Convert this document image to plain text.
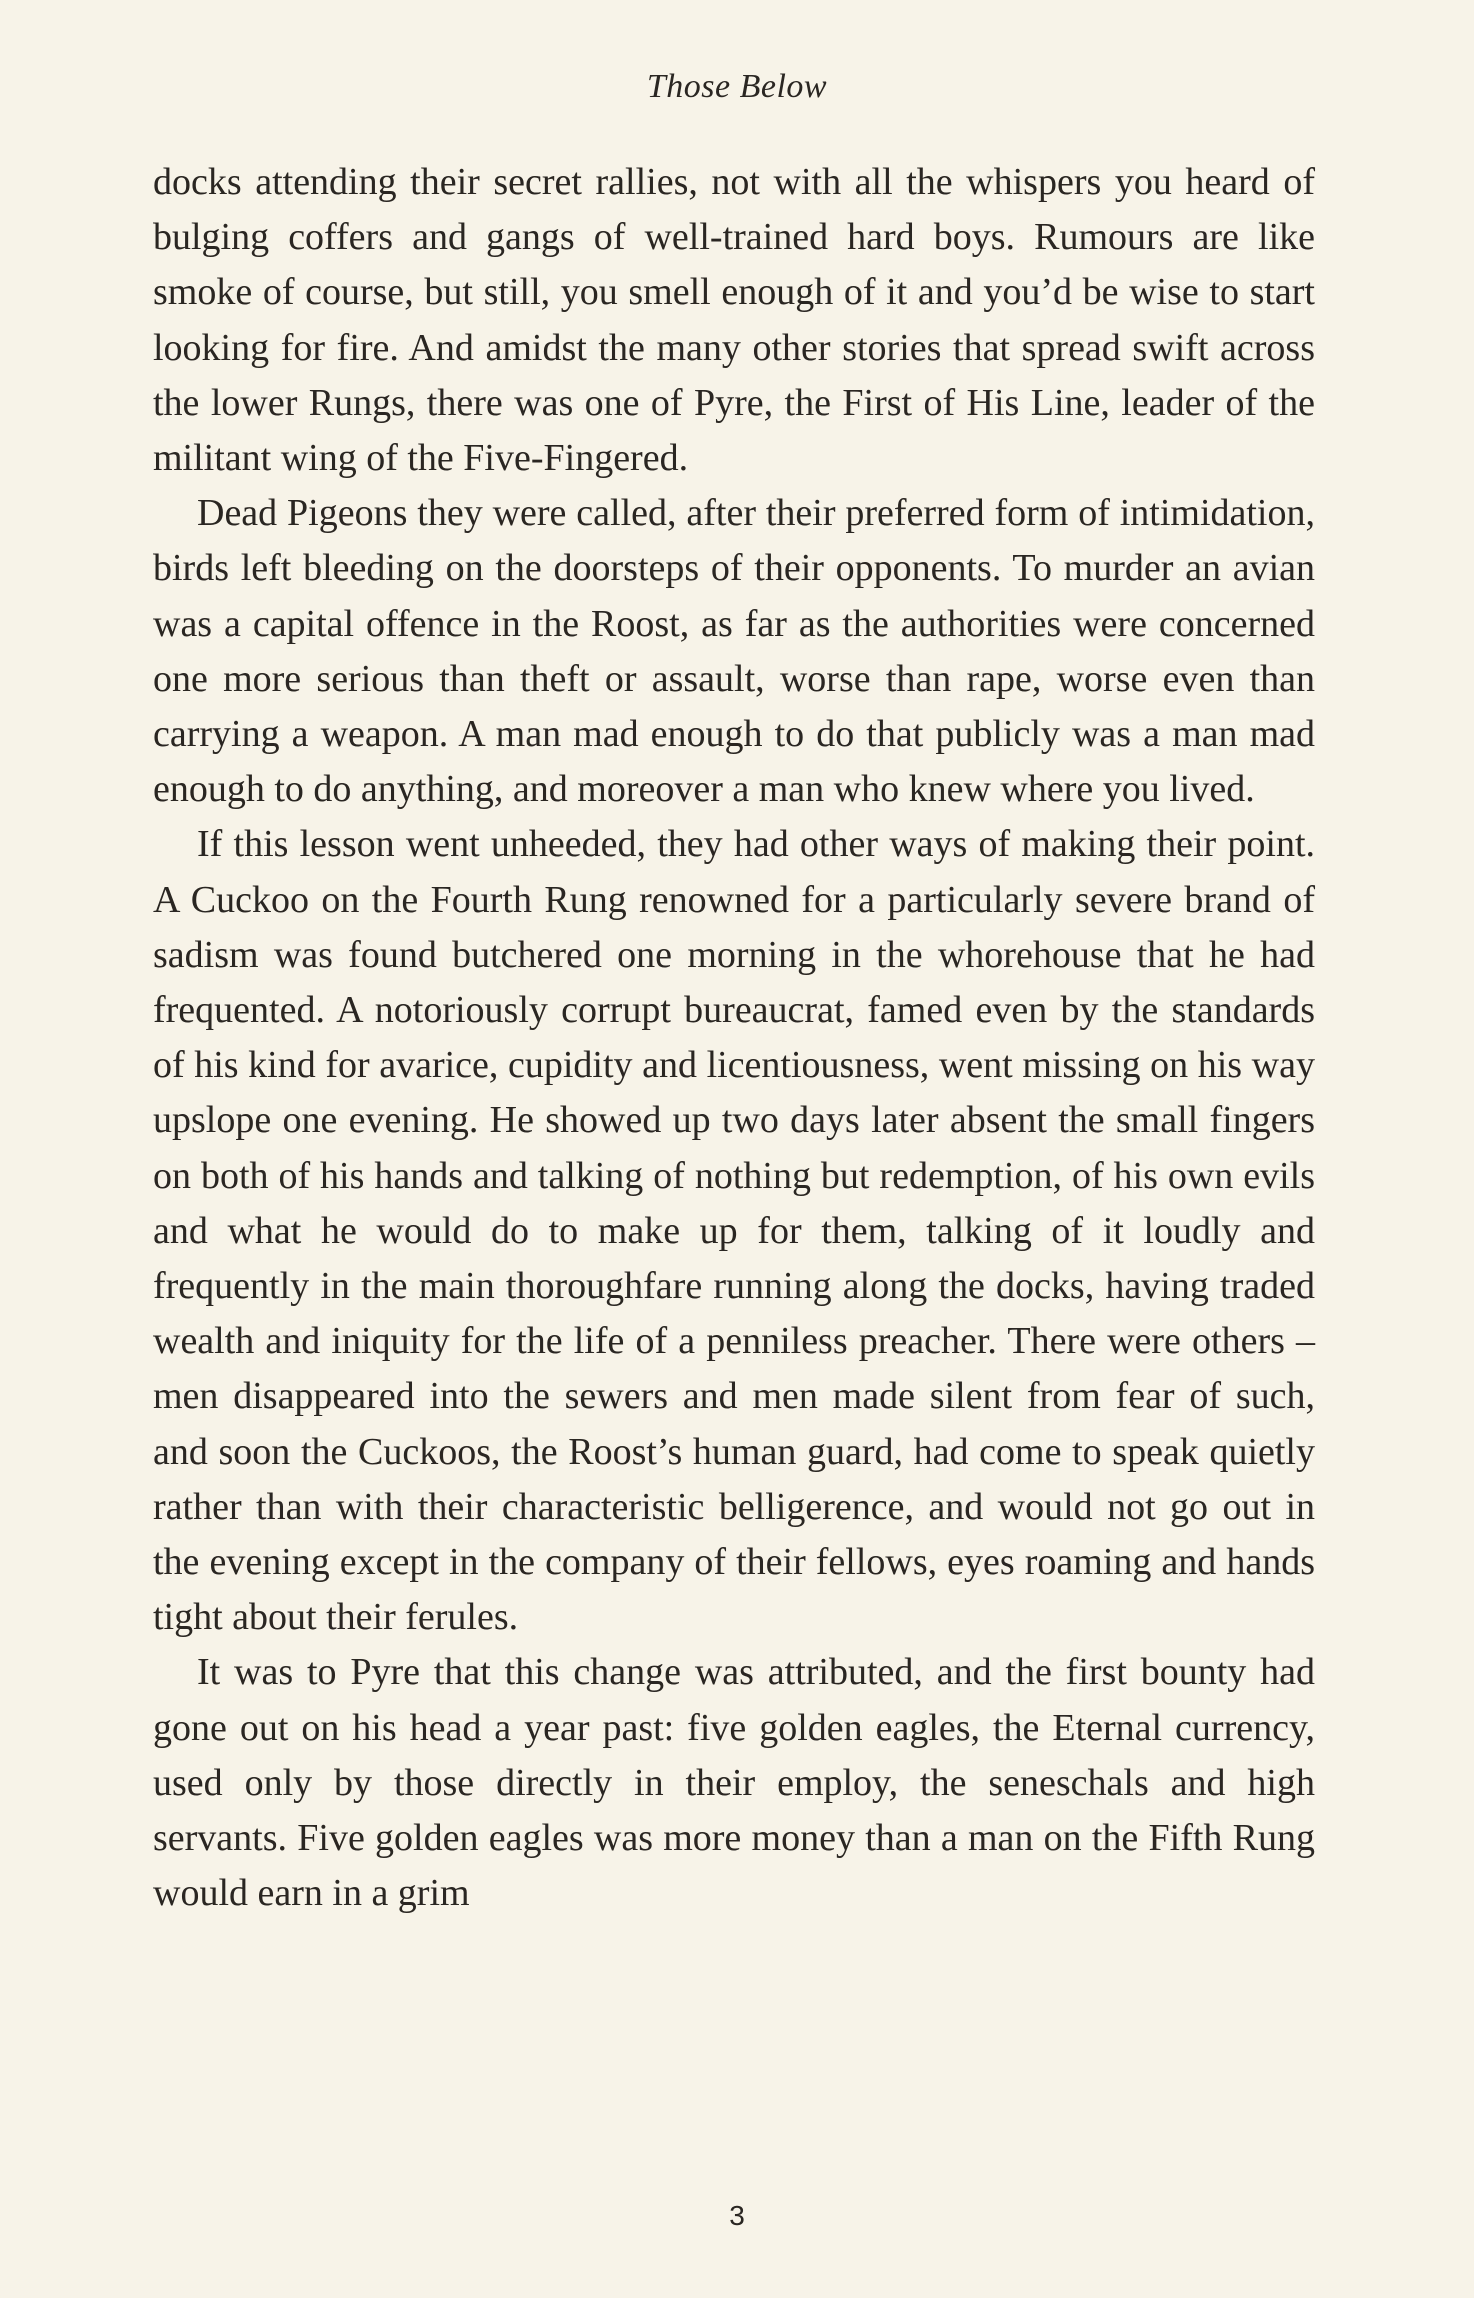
Those Below

docks attending their secret rallies, not with all the whispers you heard of bulging coffers and gangs of well-trained hard boys. Rumours are like smoke of course, but still, you smell enough of it and you’d be wise to start looking for fire. And amidst the many other stories that spread swift across the lower Rungs, there was one of Pyre, the First of His Line, leader of the militant wing of the Five-Fingered.

Dead Pigeons they were called, after their preferred form of intimidation, birds left bleeding on the doorsteps of their opponents. To murder an avian was a capital offence in the Roost, as far as the authorities were concerned one more serious than theft or assault, worse than rape, worse even than carrying a weapon. A man mad enough to do that publicly was a man mad enough to do anything, and moreover a man who knew where you lived.

If this lesson went unheeded, they had other ways of making their point. A Cuckoo on the Fourth Rung renowned for a particularly severe brand of sadism was found butchered one morning in the whorehouse that he had frequented. A notoriously corrupt bureaucrat, famed even by the standards of his kind for avarice, cupidity and licentiousness, went missing on his way upslope one evening. He showed up two days later absent the small fingers on both of his hands and talking of nothing but redemption, of his own evils and what he would do to make up for them, talking of it loudly and frequently in the main thoroughfare running along the docks, having traded wealth and iniquity for the life of a penniless preacher. There were others – men disappeared into the sewers and men made silent from fear of such, and soon the Cuckoos, the Roost’s human guard, had come to speak quietly rather than with their characteristic belligerence, and would not go out in the evening except in the company of their fellows, eyes roaming and hands tight about their ferules.

It was to Pyre that this change was attributed, and the first bounty had gone out on his head a year past: five golden eagles, the Eternal currency, used only by those directly in their employ, the seneschals and high servants. Five golden eagles was more money than a man on the Fifth Rung would earn in a grim

3
